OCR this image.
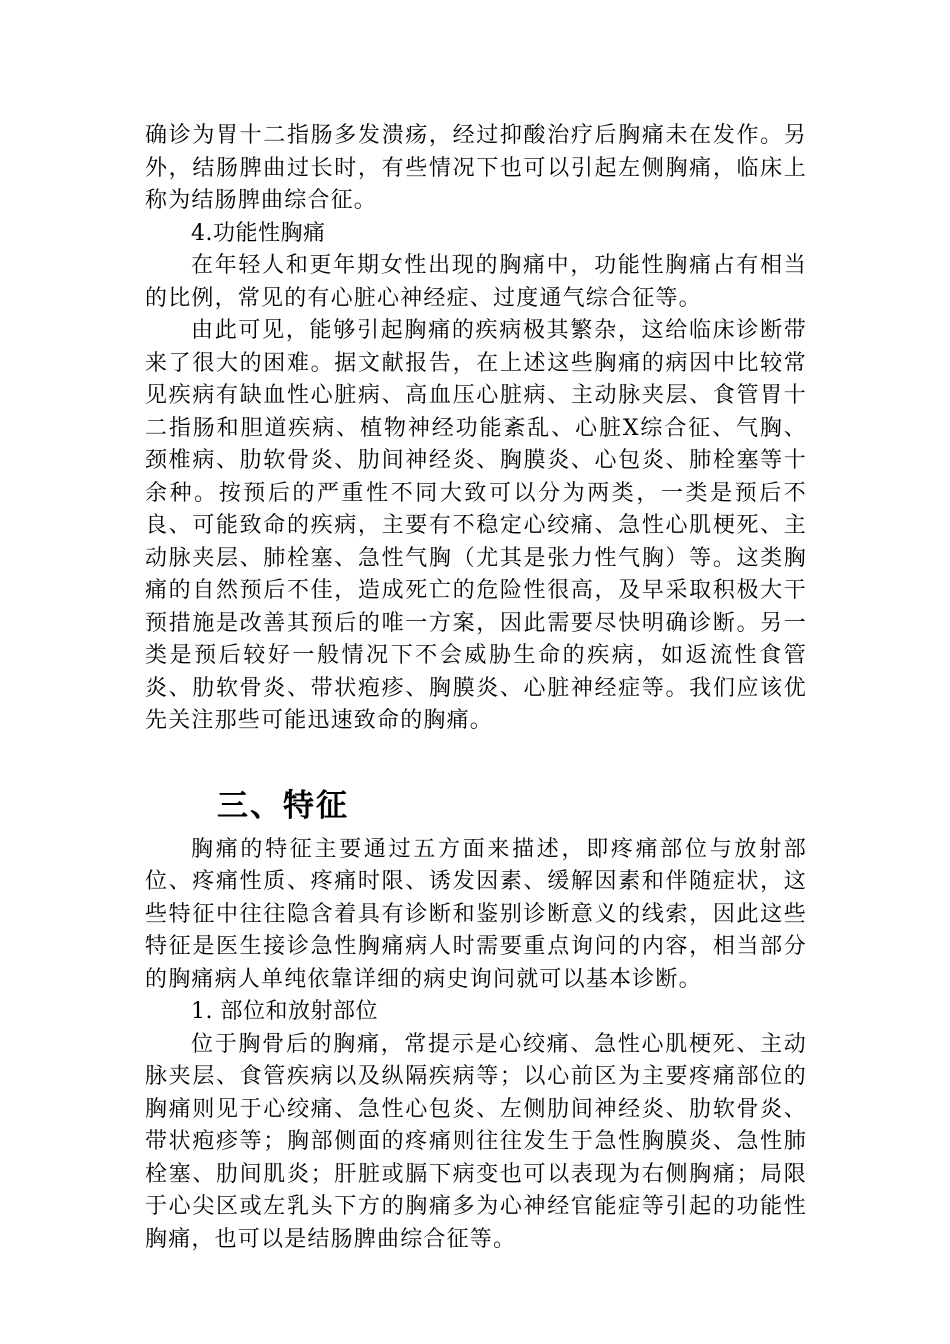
确诊为胃十二指肠多发溃疡，经过抑酸治疗后胸痛未在发作。另外，结肠脾曲过长时，有些情况下也可以引起左侧胸痛，临床上称为结肠脾曲综合征。

4.功能性胸痛

在年轻人和更年期女性出现的胸痛中，功能性胸痛占有相当的比例，常见的有心脏心神经症、过度通气综合征等。

由此可见，能够引起胸痛的疾病极其繁杂，这给临床诊断带来了很大的困难。据文献报告，在上述这些胸痛的病因中比较常见疾病有缺血性心脏病、高血压心脏病、主动脉夹层、食管胃十二指肠和胆道疾病、植物神经功能紊乱、心脏X综合征、气胸、颈椎病、肋软骨炎、肋间神经炎、胸膜炎、心包炎、肺栓塞等十余种。按预后的严重性不同大致可以分为两类，一类是预后不良、可能致命的疾病，主要有不稳定心绞痛、急性心肌梗死、主动脉夹层、肺栓塞、急性气胸（尤其是张力性气胸）等。这类胸痛的自然预后不佳，造成死亡的危险性很高，及早采取积极大干预措施是改善其预后的唯一方案，因此需要尽快明确诊断。另一类是预后较好一般情况下不会威胁生命的疾病，如返流性食管炎、肋软骨炎、带状疱疹、胸膜炎、心脏神经症等。我们应该优先关注那些可能迅速致命的胸痛。

三、特征

胸痛的特征主要通过五方面来描述，即疼痛部位与放射部位、疼痛性质、疼痛时限、诱发因素、缓解因素和伴随症状，这些特征中往往隐含着具有诊断和鉴别诊断意义的线索，因此这些特征是医生接诊急性胸痛病人时需要重点询问的内容，相当部分的胸痛病人单纯依靠详细的病史询问就可以基本诊断。

1. 部位和放射部位

位于胸骨后的胸痛，常提示是心绞痛、急性心肌梗死、主动脉夹层、食管疾病以及纵隔疾病等；以心前区为主要疼痛部位的胸痛则见于心绞痛、急性心包炎、左侧肋间神经炎、肋软骨炎、带状疱疹等；胸部侧面的疼痛则往往发生于急性胸膜炎、急性肺栓塞、肋间肌炎；肝脏或膈下病变也可以表现为右侧胸痛；局限于心尖区或左乳头下方的胸痛多为心神经官能症等引起的功能性胸痛，也可以是结肠脾曲综合征等。
